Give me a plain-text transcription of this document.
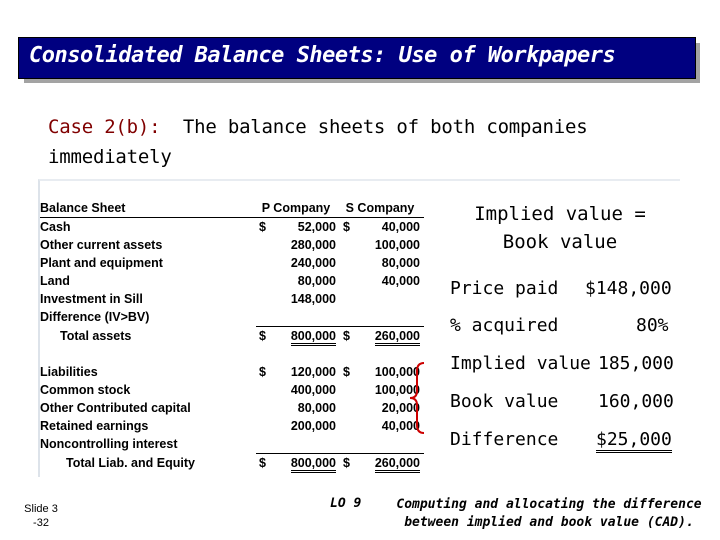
Consolidated Balance Sheets: Use of Workpapers
Case 2(b): The balance sheets of both companies immediately

Balance Sheet	P Company	S Company
Cash	$ 52,000	$ 40,000
Other current assets	280,000	100,000
Plant and equipment	240,000	80,000
Land	80,000	40,000
Investment in Sill	148,000	
Difference (IV>BV)		
Total assets	$ 800,000	$ 260,000

Liabilities	$ 120,000	$ 100,000
Common stock	400,000	100,000
Other Contributed capital	80,000	20,000
Retained earnings	200,000	40,000
Noncontrolling interest		
Total Liab. and Equity	$ 800,000	$ 260,000
Implied value = Book value
Price paid $148,000
% acquired	80%
Implied value 185,000
Book value 160,000
Difference $25,000
Slide 3
-32
LO 9	Computing and allocating the difference
between implied and book value (CAD).
